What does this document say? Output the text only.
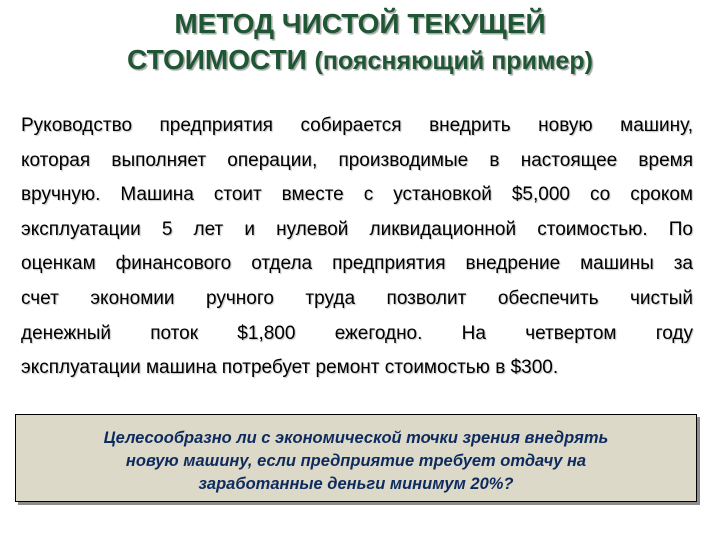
МЕТОД ЧИСТОЙ ТЕКУЩЕЙ
СТОИМОСТИ (поясняющий пример)
Руководство предприятия собирается внедрить новую машину,
которая выполняет операции, производимые в настоящее время
вручную. Машина стоит вместе с установкой $5,000 со сроком
эксплуатации 5 лет и нулевой ликвидационной стоимостью. По
оценкам финансового отдела предприятия внедрение машины за
счет экономии ручного труда позволит обеспечить чистый
денежный поток $1,800 ежегодно. На четвертом году
эксплуатации машина потребует ремонт стоимостью в $300.
Целесообразно ли с экономической точки зрения внедрять
новую машину, если предприятие требует отдачу на
заработанные деньги минимум 20%?
